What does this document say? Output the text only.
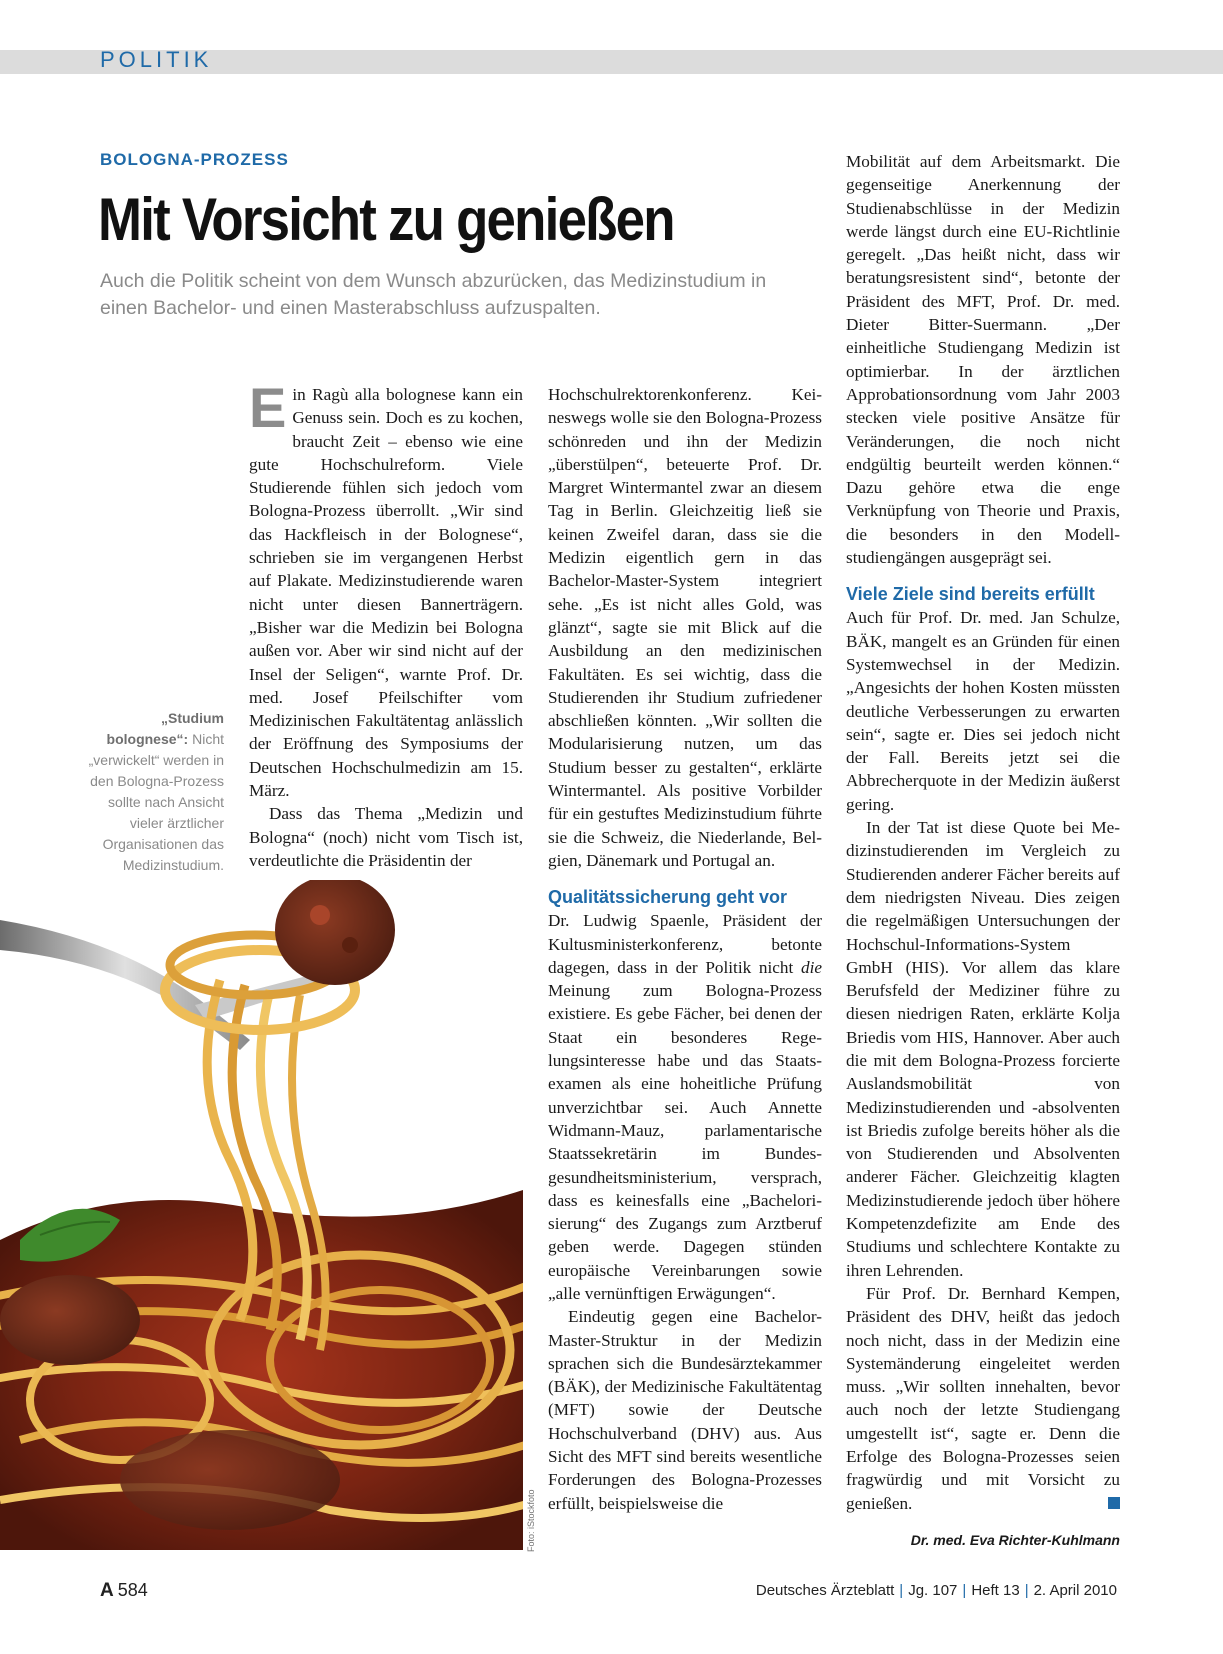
POLITIK
BOLOGNA-PROZESS
Mit Vorsicht zu genießen
Auch die Politik scheint von dem Wunsch abzurücken, das Medizinstudium in einen Bachelor- und einen Masterabschluss aufzuspalten.
„Studium bolognese“: Nicht „verwickelt“ werden in den Bologna-Prozess sollte nach Ansicht vieler ärztlicher Organisationen das Medizinstudium.
Foto: iStockfoto

Ein Ragù alla bolognese kann ein Genuss sein. Doch es zu kochen, braucht Zeit – ebenso wie eine gute Hochschulreform. Viele Studierende fühlen sich jedoch vom Bologna-Prozess überrollt. „Wir sind das Hackfleisch in der Bolognese“, schrieben sie im vergangenen Herbst auf Plakate. Medizinstudierende waren nicht unter diesen Bannerträgern. „Bisher war die Medizin bei Bologna außen vor. Aber wir sind nicht auf der Insel der Seligen“, warnte Prof. Dr. med. Josef Pfeilschifter vom Medizinischen Fakultätentag anlässlich der Eröffnung des Symposiums der Deutschen Hochschulmedizin am 15. März.

Dass das Thema „Medizin und Bologna“ (noch) nicht vom Tisch ist, verdeutlichte die Präsidentin der

Hochschulrektorenkonferenz. Keineswegs wolle sie den Bologna-Prozess schönreden und ihn der Medizin „überstülpen“, beteuerte Prof. Dr. Margret Wintermantel zwar an diesem Tag in Berlin. Gleichzeitig ließ sie keinen Zweifel daran, dass sie die Medizin eigentlich gern in das Bachelor-Master-System integriert sehe. „Es ist nicht alles Gold, was glänzt“, sagte sie mit Blick auf die Ausbildung an den medizinischen Fakultäten. Es sei wichtig, dass die Studierenden ihr Studium zufriedener abschließen könnten. „Wir sollten die Modularisierung nutzen, um das Studium besser zu gestalten“, erklärte Wintermantel. Als positive Vorbilder für ein gestuftes Medizinstudium führte sie die Schweiz, die Niederlande, Belgien, Dänemark und Portugal an.

Qualitätssicherung geht vor

Dr. Ludwig Spaenle, Präsident der Kultusministerkonferenz, betonte dagegen, dass in der Politik nicht die Meinung zum Bologna-Prozess existiere. Es gebe Fächer, bei denen der Staat ein besonderes Regelungsinteresse habe und das Staatsexamen als eine hoheitliche Prüfung unverzichtbar sei. Auch Annette Widmann-Mauz, parlamentarische Staatssekretärin im Bundesgesundheitsministerium, versprach, dass es keinesfalls eine „Bachelorisierung“ des Zugangs zum Arztberuf geben werde. Dagegen stünden europäische Vereinbarungen sowie „alle vernünftigen Erwägungen“.

Eindeutig gegen eine Bachelor-Master-Struktur in der Medizin sprachen sich die Bundesärztekammer (BÄK), der Medizinische Fakultätentag (MFT) sowie der Deutsche Hochschulverband (DHV) aus. Aus Sicht des MFT sind bereits wesentliche Forderungen des Bologna-Prozesses erfüllt, beispielsweise die

Mobilität auf dem Arbeitsmarkt. Die gegenseitige Anerkennung der Studienabschlüsse in der Medizin werde längst durch eine EU-Richtlinie geregelt. „Das heißt nicht, dass wir beratungsresistent sind“, betonte der Präsident des MFT, Prof. Dr. med. Dieter Bitter-Suermann. „Der einheitliche Studiengang Medizin ist optimierbar. In der ärztlichen Approbationsordnung vom Jahr 2003 stecken viele positive Ansätze für Veränderungen, die noch nicht endgültig beurteilt werden können.“ Dazu gehöre etwa die enge Verknüpfung von Theorie und Praxis, die besonders in den Modellstudiengängen ausgeprägt sei.

Viele Ziele sind bereits erfüllt

Auch für Prof. Dr. med. Jan Schulze, BÄK, mangelt es an Gründen für einen Systemwechsel in der Medizin. „Angesichts der hohen Kosten müssten deutliche Verbesserungen zu erwarten sein“, sagte er. Dies sei jedoch nicht der Fall. Bereits jetzt sei die Abbrecherquote in der Medizin äußerst gering.

In der Tat ist diese Quote bei Medizinstudierenden im Vergleich zu Studierenden anderer Fächer bereits auf dem niedrigsten Niveau. Dies zeigen die regelmäßigen Untersuchungen der Hochschul-Informations-System GmbH (HIS). Vor allem das klare Berufsfeld der Mediziner führe zu diesen niedrigen Raten, erklärte Kolja Briedis vom HIS, Hannover. Aber auch die mit dem Bologna-Prozess forcierte Auslandsmobilität von Medizinstudierenden und -absolventen ist Briedis zufolge bereits höher als die von Studierenden und Absolventen anderer Fächer. Gleichzeitig klagten Medizinstudierende jedoch über höhere Kompetenzdefizite am Ende des Studiums und schlechtere Kontakte zu ihren Lehrenden.

Für Prof. Dr. Bernhard Kempen, Präsident des DHV, heißt das jedoch noch nicht, dass in der Medizin eine Systemänderung eingeleitet werden muss. „Wir sollten innehalten, bevor auch noch der letzte Studiengang umgestellt ist“, sagte er. Denn die Erfolge des Bologna-Prozesses seien fragwürdig und mit Vorsicht zu genießen.

Dr. med. Eva Richter-Kuhlmann
A 584	Deutsches Ärzteblatt | Jg. 107 | Heft 13 | 2. April 2010
